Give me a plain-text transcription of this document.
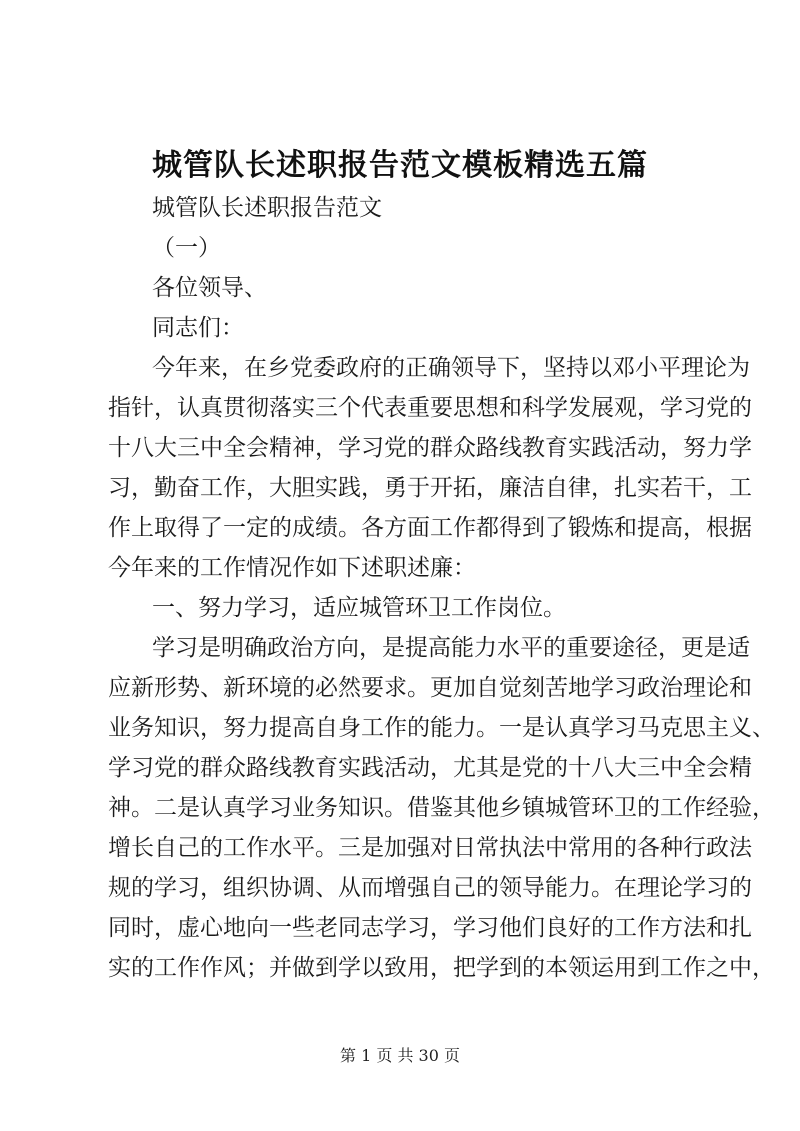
城管队长述职报告范文模板精选五篇
城管队长述职报告范文
（一）
各位领导、
同志们：
今年来，在乡党委政府的正确领导下，坚持以邓小平理论为
指针，认真贯彻落实三个代表重要思想和科学发展观，学习党的
十八大三中全会精神，学习党的群众路线教育实践活动，努力学
习，勤奋工作，大胆实践，勇于开拓，廉洁自律，扎实若干，工
作上取得了一定的成绩。各方面工作都得到了锻炼和提高，根据
今年来的工作情况作如下述职述廉：
一、努力学习，适应城管环卫工作岗位。
学习是明确政治方向，是提高能力水平的重要途径，更是适
应新形势、新环境的必然要求。更加自觉刻苦地学习政治理论和
业务知识，努力提高自身工作的能力。一是认真学习马克思主义、
学习党的群众路线教育实践活动，尤其是党的十八大三中全会精
神。二是认真学习业务知识。借鉴其他乡镇城管环卫的工作经验，
增长自己的工作水平。三是加强对日常执法中常用的各种行政法
规的学习，组织协调、从而增强自己的领导能力。在理论学习的
同时，虚心地向一些老同志学习，学习他们良好的工作方法和扎
实的工作作风；并做到学以致用，把学到的本领运用到工作之中，
第 1 页 共 30 页
